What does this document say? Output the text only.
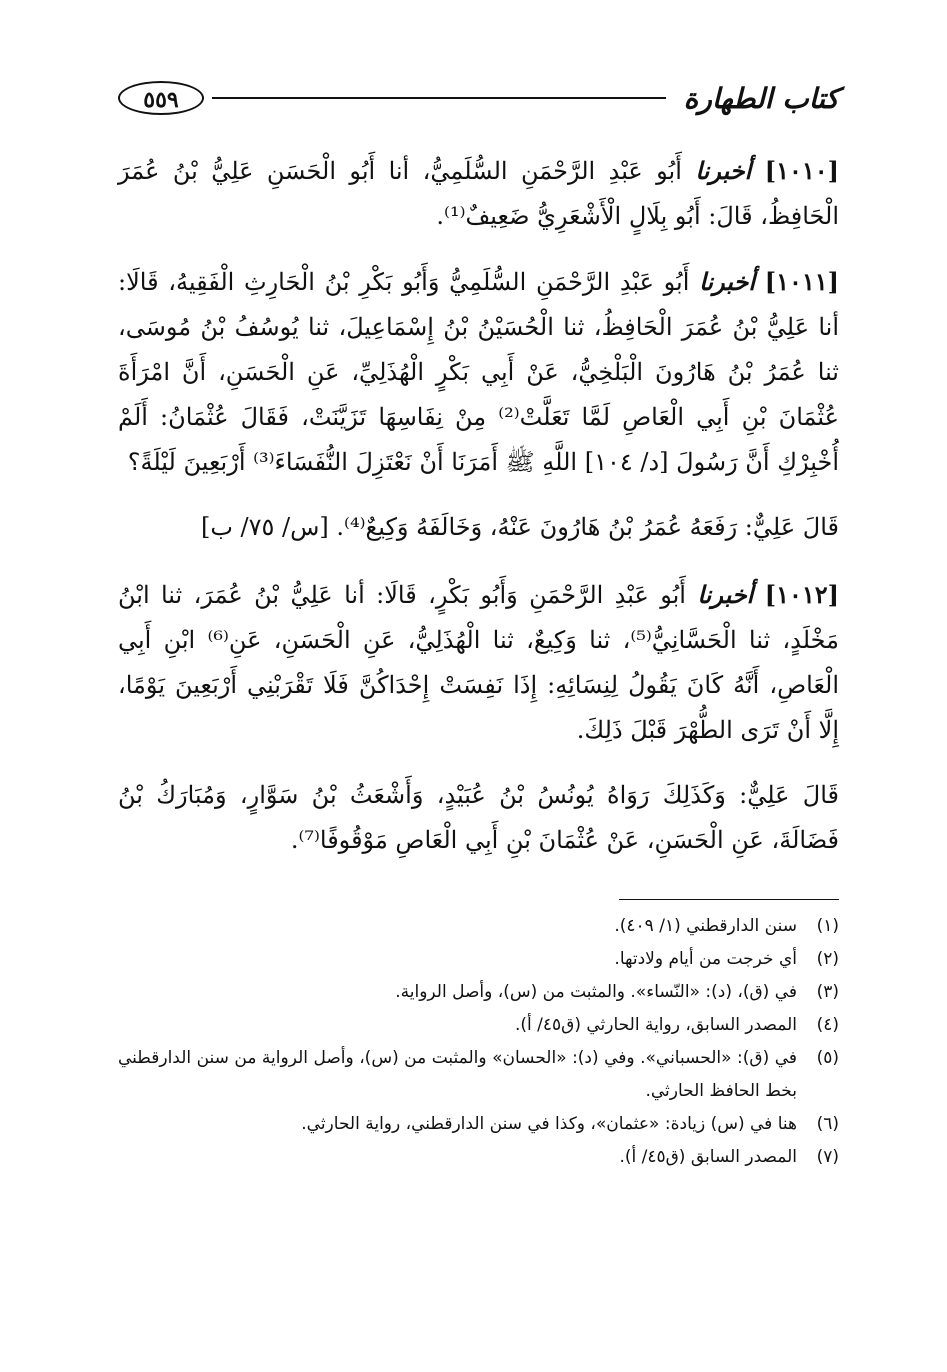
كتاب الطهارة
٥٥٩

[١٠١٠] أخبرنا أَبُو عَبْدِ الرَّحْمَنِ السُّلَمِيُّ، أنا أَبُو الْحَسَنِ عَلِيُّ بْنُ عُمَرَ الْحَافِظُ، قَالَ: أَبُو بِلَالٍ الْأَشْعَرِيُّ ضَعِيفٌ⁽¹⁾.

[١٠١١] أخبرنا أَبُو عَبْدِ الرَّحْمَنِ السُّلَمِيُّ وَأَبُو بَكْرِ بْنُ الْحَارِثِ الْفَقِيهُ، قَالَا: أنا عَلِيُّ بْنُ عُمَرَ الْحَافِظُ، ثنا الْحُسَيْنُ بْنُ إِسْمَاعِيلَ، ثنا يُوسُفُ بْنُ مُوسَى، ثنا عُمَرُ بْنُ هَارُونَ الْبَلْخِيُّ، عَنْ أَبِي بَكْرٍ الْهُذَلِيِّ، عَنِ الْحَسَنِ، أَنَّ امْرَأَةَ عُثْمَانَ بْنِ أَبِي الْعَاصِ لَمَّا تَعَلَّتْ⁽²⁾ مِنْ نِفَاسِهَا تَزَيَّنَتْ، فَقَالَ عُثْمَانُ: أَلَمْ أُخْبِرْكِ أَنَّ رَسُولَ [د/ ١٠٤] اللَّهِ ﷺ أَمَرَنَا أَنْ نَعْتَزِلَ النُّفَسَاءَ⁽³⁾ أَرْبَعِينَ لَيْلَةً؟

قَالَ عَلِيٌّ: رَفَعَهُ عُمَرُ بْنُ هَارُونَ عَنْهُ، وَخَالَفَهُ وَكِيعٌ⁽⁴⁾. [س/ ٧٥/ ب]

[١٠١٢] أخبرنا أَبُو عَبْدِ الرَّحْمَنِ وَأَبُو بَكْرٍ، قَالَا: أنا عَلِيُّ بْنُ عُمَرَ، ثنا ابْنُ مَخْلَدٍ، ثنا الْحَسَّانِيُّ⁽⁵⁾، ثنا وَكِيعٌ، ثنا الْهُذَلِيُّ، عَنِ الْحَسَنِ، عَنِ⁽⁶⁾ ابْنِ أَبِي الْعَاصِ، أَنَّهُ كَانَ يَقُولُ لِنِسَائِهِ: إِذَا نَفِسَتْ إِحْدَاكُنَّ فَلَا تَقْرَبْنِي أَرْبَعِينَ يَوْمًا، إِلَّا أَنْ تَرَى الطُّهْرَ قَبْلَ ذَلِكَ.

قَالَ عَلِيٌّ: وَكَذَلِكَ رَوَاهُ يُونُسُ بْنُ عُبَيْدٍ، وَأَشْعَثُ بْنُ سَوَّارٍ، وَمُبَارَكُ بْنُ فَضَالَةَ، عَنِ الْحَسَنِ، عَنْ عُثْمَانَ بْنِ أَبِي الْعَاصِ مَوْقُوفًا⁽⁷⁾.

(١)
سنن الدارقطني (١/ ٤٠٩).
(٢)
أي خرجت من أيام ولادتها.
(٣)
في (ق)، (د): «النّساء». والمثبت من (س)، وأصل الرواية.
(٤)
المصدر السابق، رواية الحارثي (ق٤٥/ أ).
(٥)
في (ق): «الحسباني». وفي (د): «الحسان» والمثبت من (س)، وأصل الرواية من سنن الدارقطني بخط الحافظ الحارثي.
(٦)
هنا في (س) زيادة: «عثمان»، وكذا في سنن الدارقطني، رواية الحارثي.
(٧)
المصدر السابق (ق٤٥/ أ).
